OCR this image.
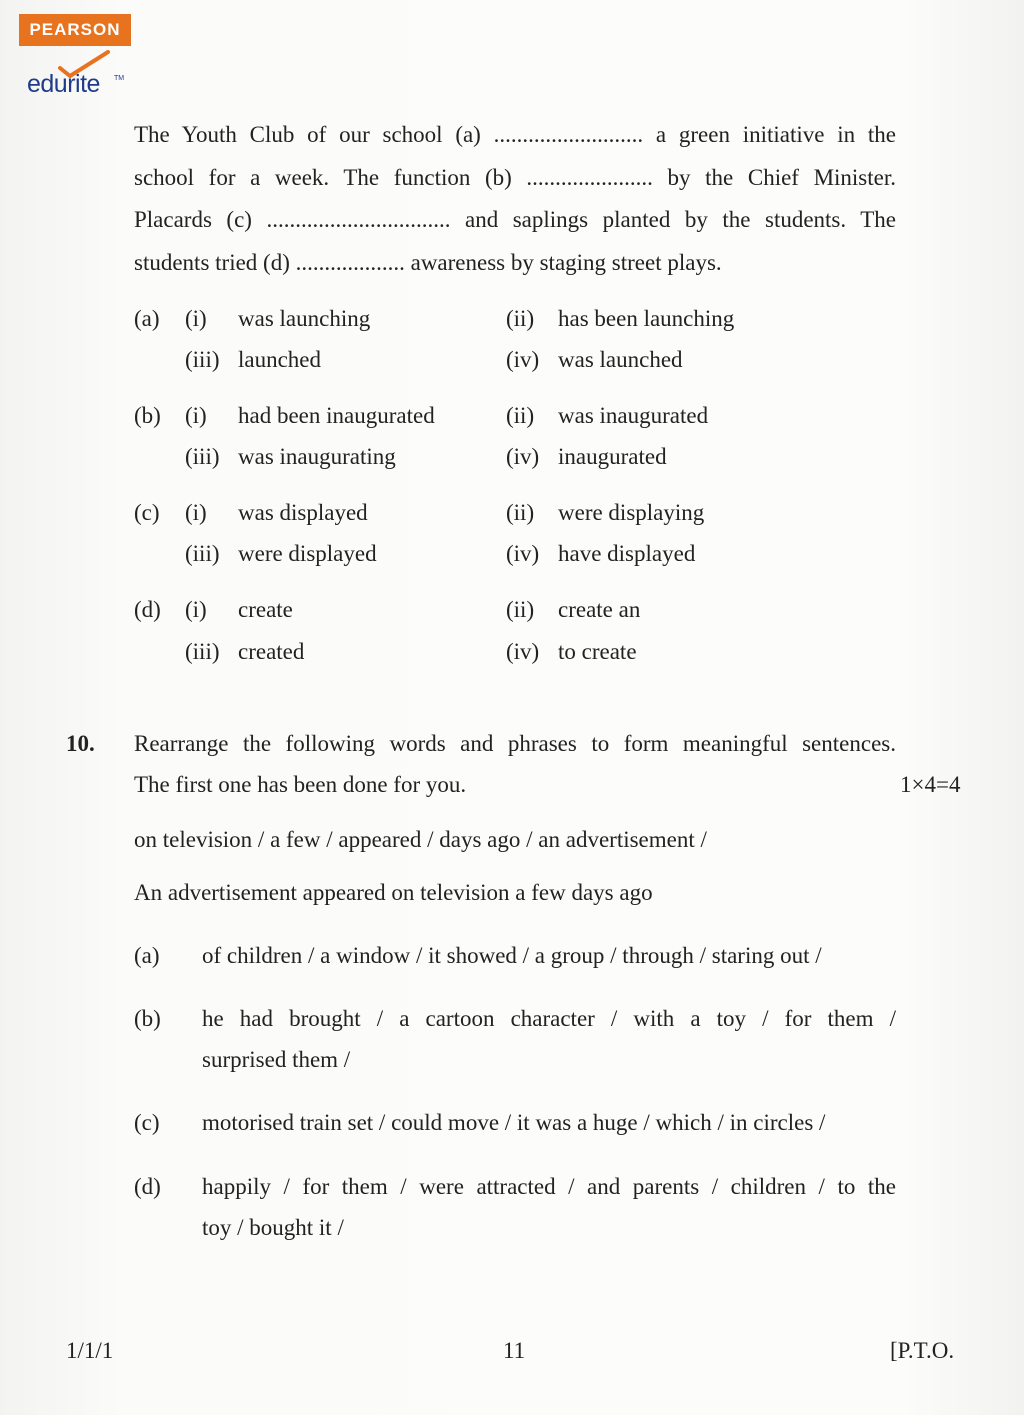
PEARSON
edurite TM
The Youth Club of our school (a) .......................... a green initiative in the
school for a week. The function (b) ...................... by the Chief Minister.
Placards (c) ................................ and saplings planted by the students. The
students tried (d) ................... awareness by staging street plays.
(a) (i) was launching	(ii) has been launching
(iii) launched	(iv) was launched
(b) (i) had been inaugurated	(ii) was inaugurated
(iii) was inaugurating	(iv) inaugurated
(c) (i) was displayed	(ii) were displaying
(iii) were displayed	(iv) have displayed
(d) (i) create	(ii) create an
(iii) created	(iv) to create
10. Rearrange the following words and phrases to form meaningful sentences.
The first one has been done for you.	1×4=4
on television / a few / appeared / days ago / an advertisement /
An advertisement appeared on television a few days ago
(a) of children / a window / it showed / a group / through / staring out /
(b) he had brought / a cartoon character / with a toy / for them /
surprised them /
(c) motorised train set / could move / it was a huge / which / in circles /
(d) happily / for them / were attracted / and parents / children / to the
toy / bought it /
1/1/1	11	[P.T.O.
